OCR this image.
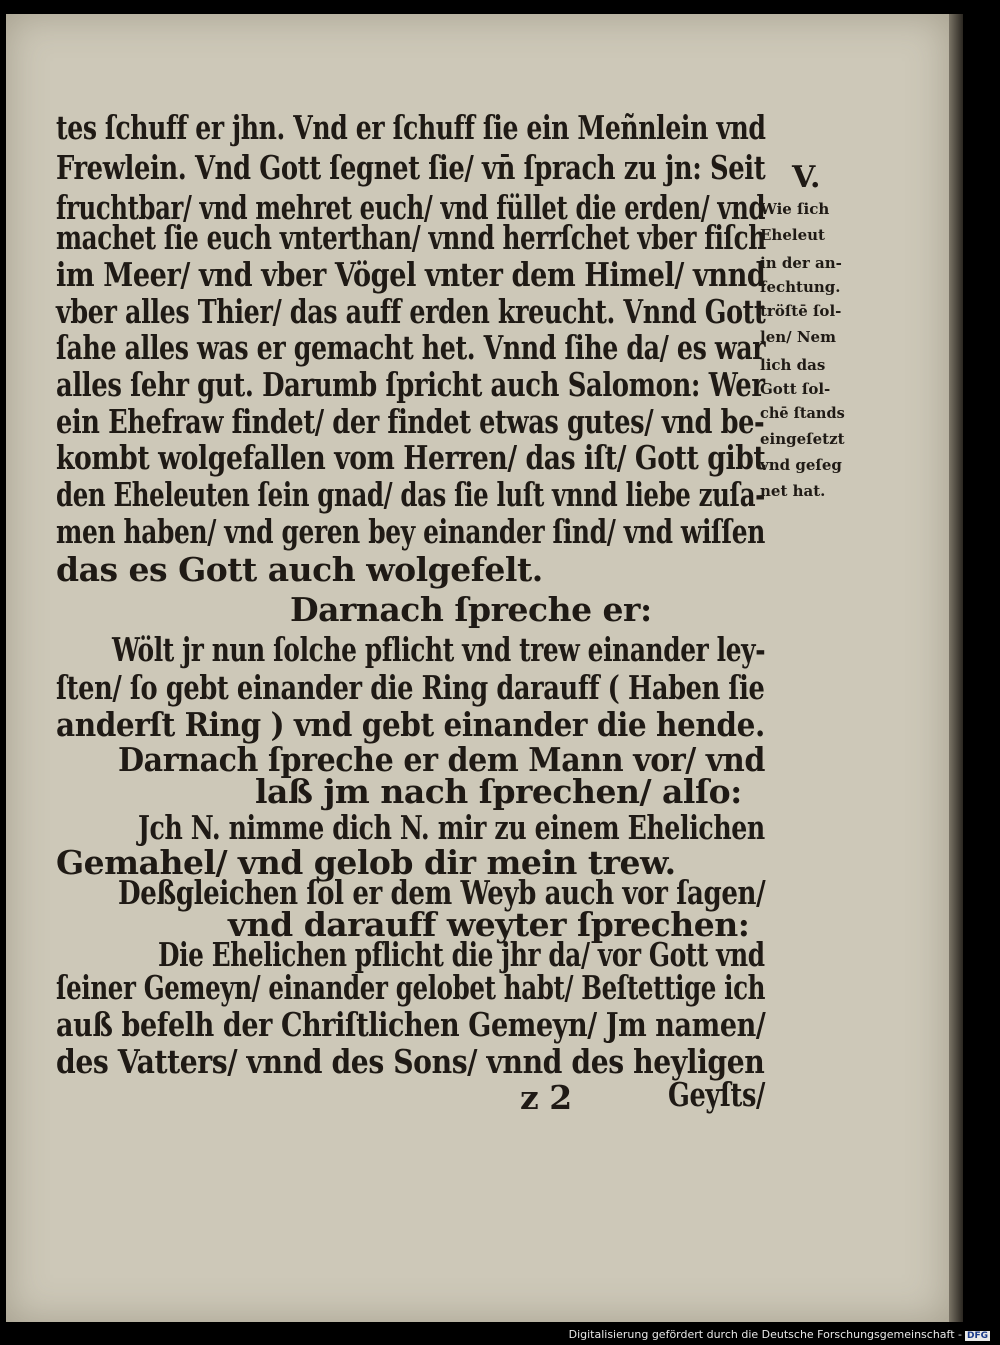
tes ſchuff er jhn. Vnd er ſchuff ſie ein Meñnlein vnd
Frewlein. Vnd Gott ſegnet ſie/ vn̄ ſprach zu jn: Seit
fruchtbar/ vnd mehret euch/ vnd füllet die erden/ vnd
machet ſie euch vnterthan/ vnnd herrſchet vber fiſch
im Meer/ vnd vber Vögel vnter dem Himel/ vnnd
vber alles Thier/ das auff erden kreucht. Vnnd Gott
ſahe alles was er gemacht het. Vnnd ſihe da/ es war
alles ſehr gut. Darumb ſpricht auch Salomon: Wer
ein Ehefraw findet/ der findet etwas gutes/ vnd be-
kombt wolgefallen vom Herren/ das iſt/ Gott gibt
den Eheleuten ſein gnad/ das ſie luſt vnnd liebe zuſa-
men haben/ vnd geren bey einander ſind/ vnd wiſſen
das es Gott auch wolgefelt.
Darnach ſpreche er:
Wölt jr nun ſolche pflicht vnd trew einander ley-
ſten/ ſo gebt einander die Ring darauff ( Haben ſie
anderſt Ring ) vnd gebt einander die hende.
Darnach ſpreche er dem Mann vor/ vnd
laß jm nach ſprechen/ alſo:
Jch N. nimme dich N. mir zu einem Ehelichen
Gemahel/ vnd gelob dir mein trew.
Deßgleichen ſol er dem Weyb auch vor ſagen/
vnd darauff weyter ſprechen:
Die Ehelichen pflicht die jhr da/ vor Gott vnd
ſeiner Gemeyn/ einander gelobet habt/ Beſtettige ich
auß befelh der Chriſtlichen Gemeyn/ Jm namen/
des Vatters/ vnnd des Sons/ vnnd des heyligen
z 2	Geyſts/
V.
Wie ſich
Eheleut
in der an-
fechtung.
tröſtē ſol-
len/ Nem
lich das
Gott ſol-
chē ſtands
eingeſetzt
vnd geſeg
net hat.
Digitalisierung gefördert durch die Deutsche Forschungsgemeinschaft - DFG
